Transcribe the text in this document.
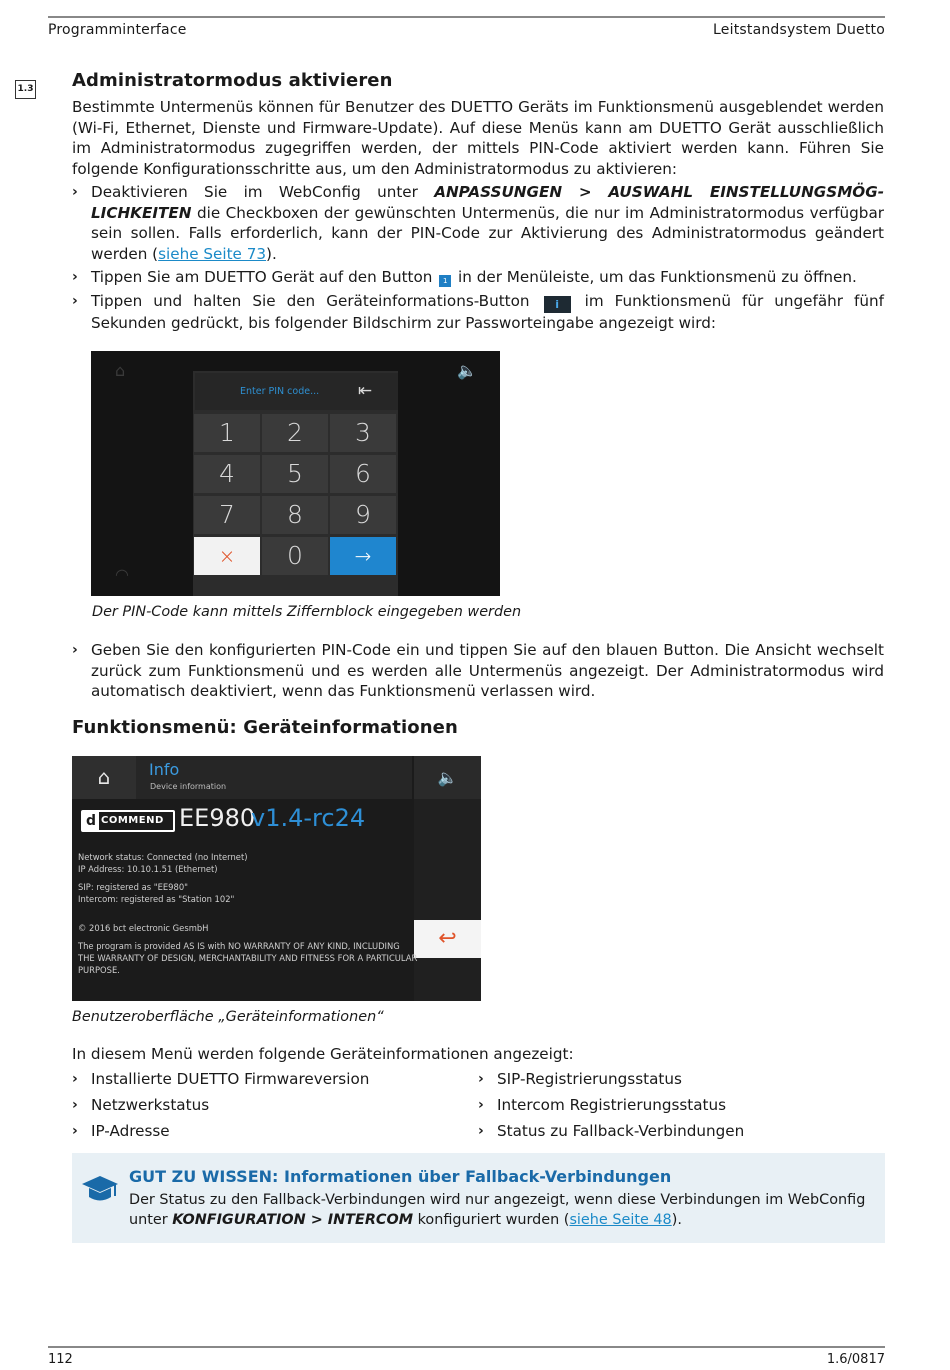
Programminterface	Leitstandsystem Duetto
1.3 Administratormodus aktivieren
Bestimmte Untermenüs können für Benutzer des DUETTO Geräts im Funktionsmenü ausgeblendet werden (Wi-Fi, Ethernet, Dienste und Firmware-Update). Auf diese Menüs kann am DUETTO Gerät ausschließlich im Administratormodus zugegriffen werden, der mittels PIN-Code aktiviert werden kann. Führen Sie folgende Konfigurationsschritte aus, um den Administratormodus zu aktivieren:
› Deaktivieren Sie im WebConfig unter ANPASSUNGEN > AUSWAHL EINSTELLUNGSMÖG-LICHKEITEN die Checkboxen der gewünschten Untermenüs, die nur im Administratormodus verfügbar sein sollen. Falls erforderlich, kann der PIN-Code zur Aktivierung des Administratormodus geändert werden (siehe Seite 73).
› Tippen Sie am DUETTO Gerät auf den Button 1 in der Menüleiste, um das Funktionsmenü zu öffnen.
› Tippen und halten Sie den Geräteinformations-Button i im Funktionsmenü für ungefähr fünf Sekunden gedrückt, bis folgender Bildschirm zur Passworteingabe angezeigt wird:
⌂	🔈
◠
Enter PIN code... ⇤
1	2	3
4	5	6
7	8	9
×	0	→
Der PIN-Code kann mittels Ziffernblock eingegeben werden
› Geben Sie den konfigurierten PIN-Code ein und tippen Sie auf den blauen Button. Die Ansicht wechselt zurück zum Funktionsmenü und es werden alle Untermenüs angezeigt. Der Administratormodus wird automatisch deaktiviert, wenn das Funktionsmenü verlassen wird.
Funktionsmenü: Geräteinformationen
⌂	Info
Device information	🔈
↩
d COMMEND EE980
v1.4-rc24
Network status: Connected (no Internet)
IP Address: 10.10.1.51 (Ethernet)
SIP: registered as "EE980"
Intercom: registered as "Station 102"
© 2016 bct electronic GesmbH
The program is provided AS IS with NO WARRANTY OF ANY KIND, INCLUDING
THE WARRANTY OF DESIGN, MERCHANTABILITY AND FITNESS FOR A PARTICULAR
PURPOSE.
Benutzeroberfläche „Geräteinformationen“
In diesem Menü werden folgende Geräteinformationen angezeigt:
› Installierte DUETTO Firmwareversion
› Netzwerkstatus
› IP-Adresse
› SIP-Registrierungsstatus
› Intercom Registrierungsstatus
› Status zu Fallback-Verbindungen
GUT ZU WISSEN: Informationen über Fallback-Verbindungen
Der Status zu den Fallback-Verbindungen wird nur angezeigt, wenn diese Verbindungen im WebConfig unter KONFIGURATION > INTERCOM konfiguriert wurden (siehe Seite 48).
112	1.6/0817
